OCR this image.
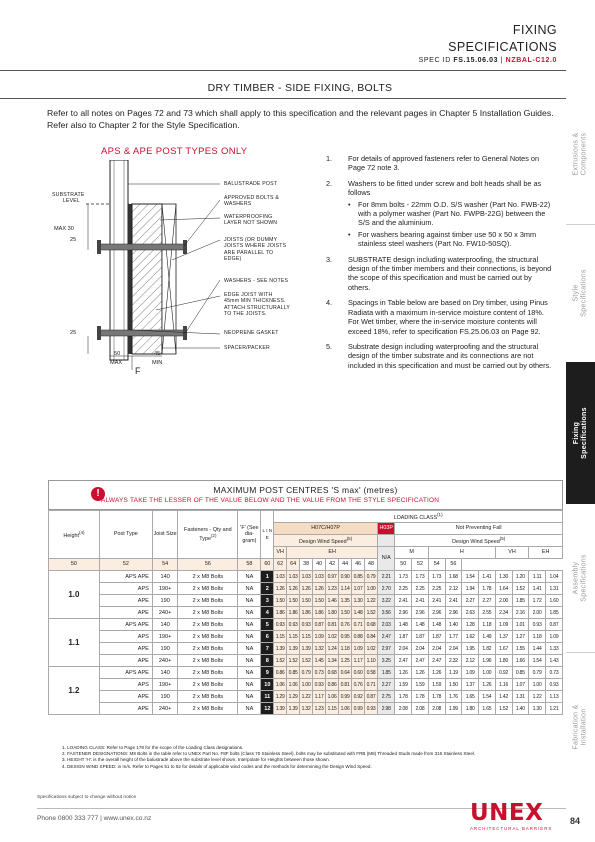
FIXING
SPECIFICATIONS
SPEC ID FS.15.06.03 | NZBAL-C12.0
Extrusions & Components
Style Specifications
Fixing Specifications
Assembly Specifications
Fabrication & Installation
DRY TIMBER - SIDE FIXING, BOLTS
Refer to all notes on Pages 72 and 73 which shall apply to this specification and the relevant pages in Chapter 5 Installation Guides. Refer also to Chapter 2 for the Style Specification.
APS & APE POST TYPES ONLY
SUBSTRATE
LEVEL
MAX 30
25
25
50
MAX
45
MIN
F
BALUSTRADE POST
APPROVED BOLTS &
WASHERS
WATERPROOFING
LAYER NOT SHOWN
JOISTS (OR DUMMY
JOISTS WHERE JOISTS
ARE PARALLEL TO
EDGE)
WASHERS - SEE NOTES
EDGE JOIST WITH
45mm MIN THICKNESS.
ATTACH STRUCTURALLY
TO THE JOISTS.
NEOPRENE GASKET
SPACER/PACKER
1.	For details of approved fasteners refer to General Notes on Page 72 note 3.
2.	Washers to be fitted under screw and bolt heads shall be as follows
•	For 8mm bolts - 22mm O.D. S/S washer (Part No. FWB-22) with a polymer washer (Part No. FWPB-22G) between the S/S and the aluminium.
•	For washers bearing against timber use 50 x 50 x 3mm stainless steel washers (Part No. FW10-50SQ).
3.	SUBSTRATE design including waterproofing, the structural design of the timber members and their connections, is beyond the scope of this specification and must be carried out by others.
4.	Spacings in Table below are based on Dry timber, using Pinus Radiata with a maximum in-service moisture content of 18%. For Wet timber, where the in-service moisture contents will exceed 18%, refer to specification FS.25.06.03 on Page 92.
5.	Substrate design including waterproofing and the structural design of the timber substrate and its connections are not included in this specification and must be carried out by others.
!	MAXIMUM POST CENTRES 'S max' (metres)
ALWAYS TAKE THE LESSER OF THE VALUE BELOW AND THE VALUE FROM THE STYLE SPECIFICATION
Height$^{(4)}$	Post Type	Joist Size	Fasteners - Qty and Type$^{(2)}$	'F' (See dia- gram)	L I N E	LOADING CLASS$^{(1)}$
						H07C/H07P								H03P	Not Preventing Fall									
						Design Wind Speed$^{(5)}$									Design Wind Speed$^{(5)}$
						VH	EH							N/A	M		H				VH		EH	
50	52	54	56	58	60	62	64	38	40	42	44	46	48		50	52	54	56						
1.0	APS APE	140	2 x M8 Bolts	NA	1	1.03	1.03	1.03	1.03	0.97	0.90	0.85	0.79	2.21	1.73	1.73	1.73	1.68	1.54	1.41	1.30	1.20	1.11	1.04
	APS	190+	2 x M8 Bolts	NA	2	1.26	1.26	1.26	1.26	1.23	1.14	1.07	1.00	2.70	2.25	2.25	2.25	2.12	1.94	1.78	1.64	1.52	1.41	1.31
	APE	190	2 x M8 Bolts	NA	3	1.50	1.50	1.50	1.50	1.46	1.35	1.30	1.22	3.22	2.41	2.41	2.41	2.41	2.27	2.27	2.00	1.85	1.72	1.60
	APE	240+	2 x M8 Bolts	NA	4	1.86	1.86	1.86	1.86	1.80	1.50	1.48	1.52	3.56	2.96	2.96	2.96	2.96	2.63	2.55	2.34	2.16	2.00	1.85
1.1	APS APE	140	2 x M8 Bolts	NA	5	0.93	0.93	0.93	0.87	0.81	0.76	0.71	0.68	2.03	1.48	1.48	1.48	1.40	1.28	1.18	1.09	1.01	0.93	0.87
	APS	190+	2 x M8 Bolts	NA	6	1.15	1.15	1.15	1.09	1.02	0.95	0.88	0.84	2.47	1.87	1.87	1.87	1.77	1.62	1.49	1.37	1.27	1.18	1.09
	APE	190	2 x M8 Bolts	NA	7	1.39	1.39	1.39	1.32	1.24	1.18	1.09	1.02	2.97	2.04	2.04	2.04	2.04	1.95	1.82	1.67	1.55	1.44	1.33
	APE	240+	2 x M8 Bolts	NA	8	1.52	1.52	1.52	1.45	1.34	1.25	1.17	1.10	3.25	2.47	2.47	2.47	2.32	2.12	1.96	1.80	1.66	1.54	1.43
1.2	APS APE	140	2 x M8 Bolts	NA	9	0.86	0.85	0.79	0.73	0.68	0.64	0.60	0.58	1.85	1.26	1.26	1.26	1.19	1.09	1.00	0.92	0.85	0.79	0.73
	APS	190+	2 x M8 Bolts	NA	10	1.06	1.06	1.00	0.93	0.86	0.81	0.76	0.71	2.27	1.59	1.59	1.59	1.50	1.37	1.26	1.16	1.07	1.00	0.93
	APE	190	2 x M8 Bolts	NA	11	1.29	1.29	1.22	1.17	1.06	0.99	0.92	0.87	2.75	1.78	1.78	1.78	1.76	1.65	1.54	1.42	1.31	1.22	1.13
	APE	240+	2 x M8 Bolts	NA	12	1.39	1.39	1.32	1.23	1.15	1.06	0.99	0.93	2.98	2.08	2.08	2.08	1.99	1.80	1.65	1.52	1.40	1.30	1.21
1. LOADING CLASS: Refer to Page 178 for the scope of the Loading Class designations.
2. FASTENER DESIGNATIONS: M8 Bolts in the table refer to UNEX Part No. F8F bolts (Class 70 Stainless Steel), bolts may be substituted with FRB (M8) Threaded Studs made from 316 Stainless Steel.
3. HEIGHT 'H': is the overall height of the balustrade above the substrate level shown. Interpolate for Heights between those shown.
4. DESIGN WIND SPEED: in m/s. Refer to Pages 51 to 52 for details of applicable wind codes and the methods for determining the Design Wind Speed.
Specifications subject to change without notice
Phone 0800 333 777 | www.unex.co.nz	UNEX
ARCHITECTURAL BARRIERS
84
